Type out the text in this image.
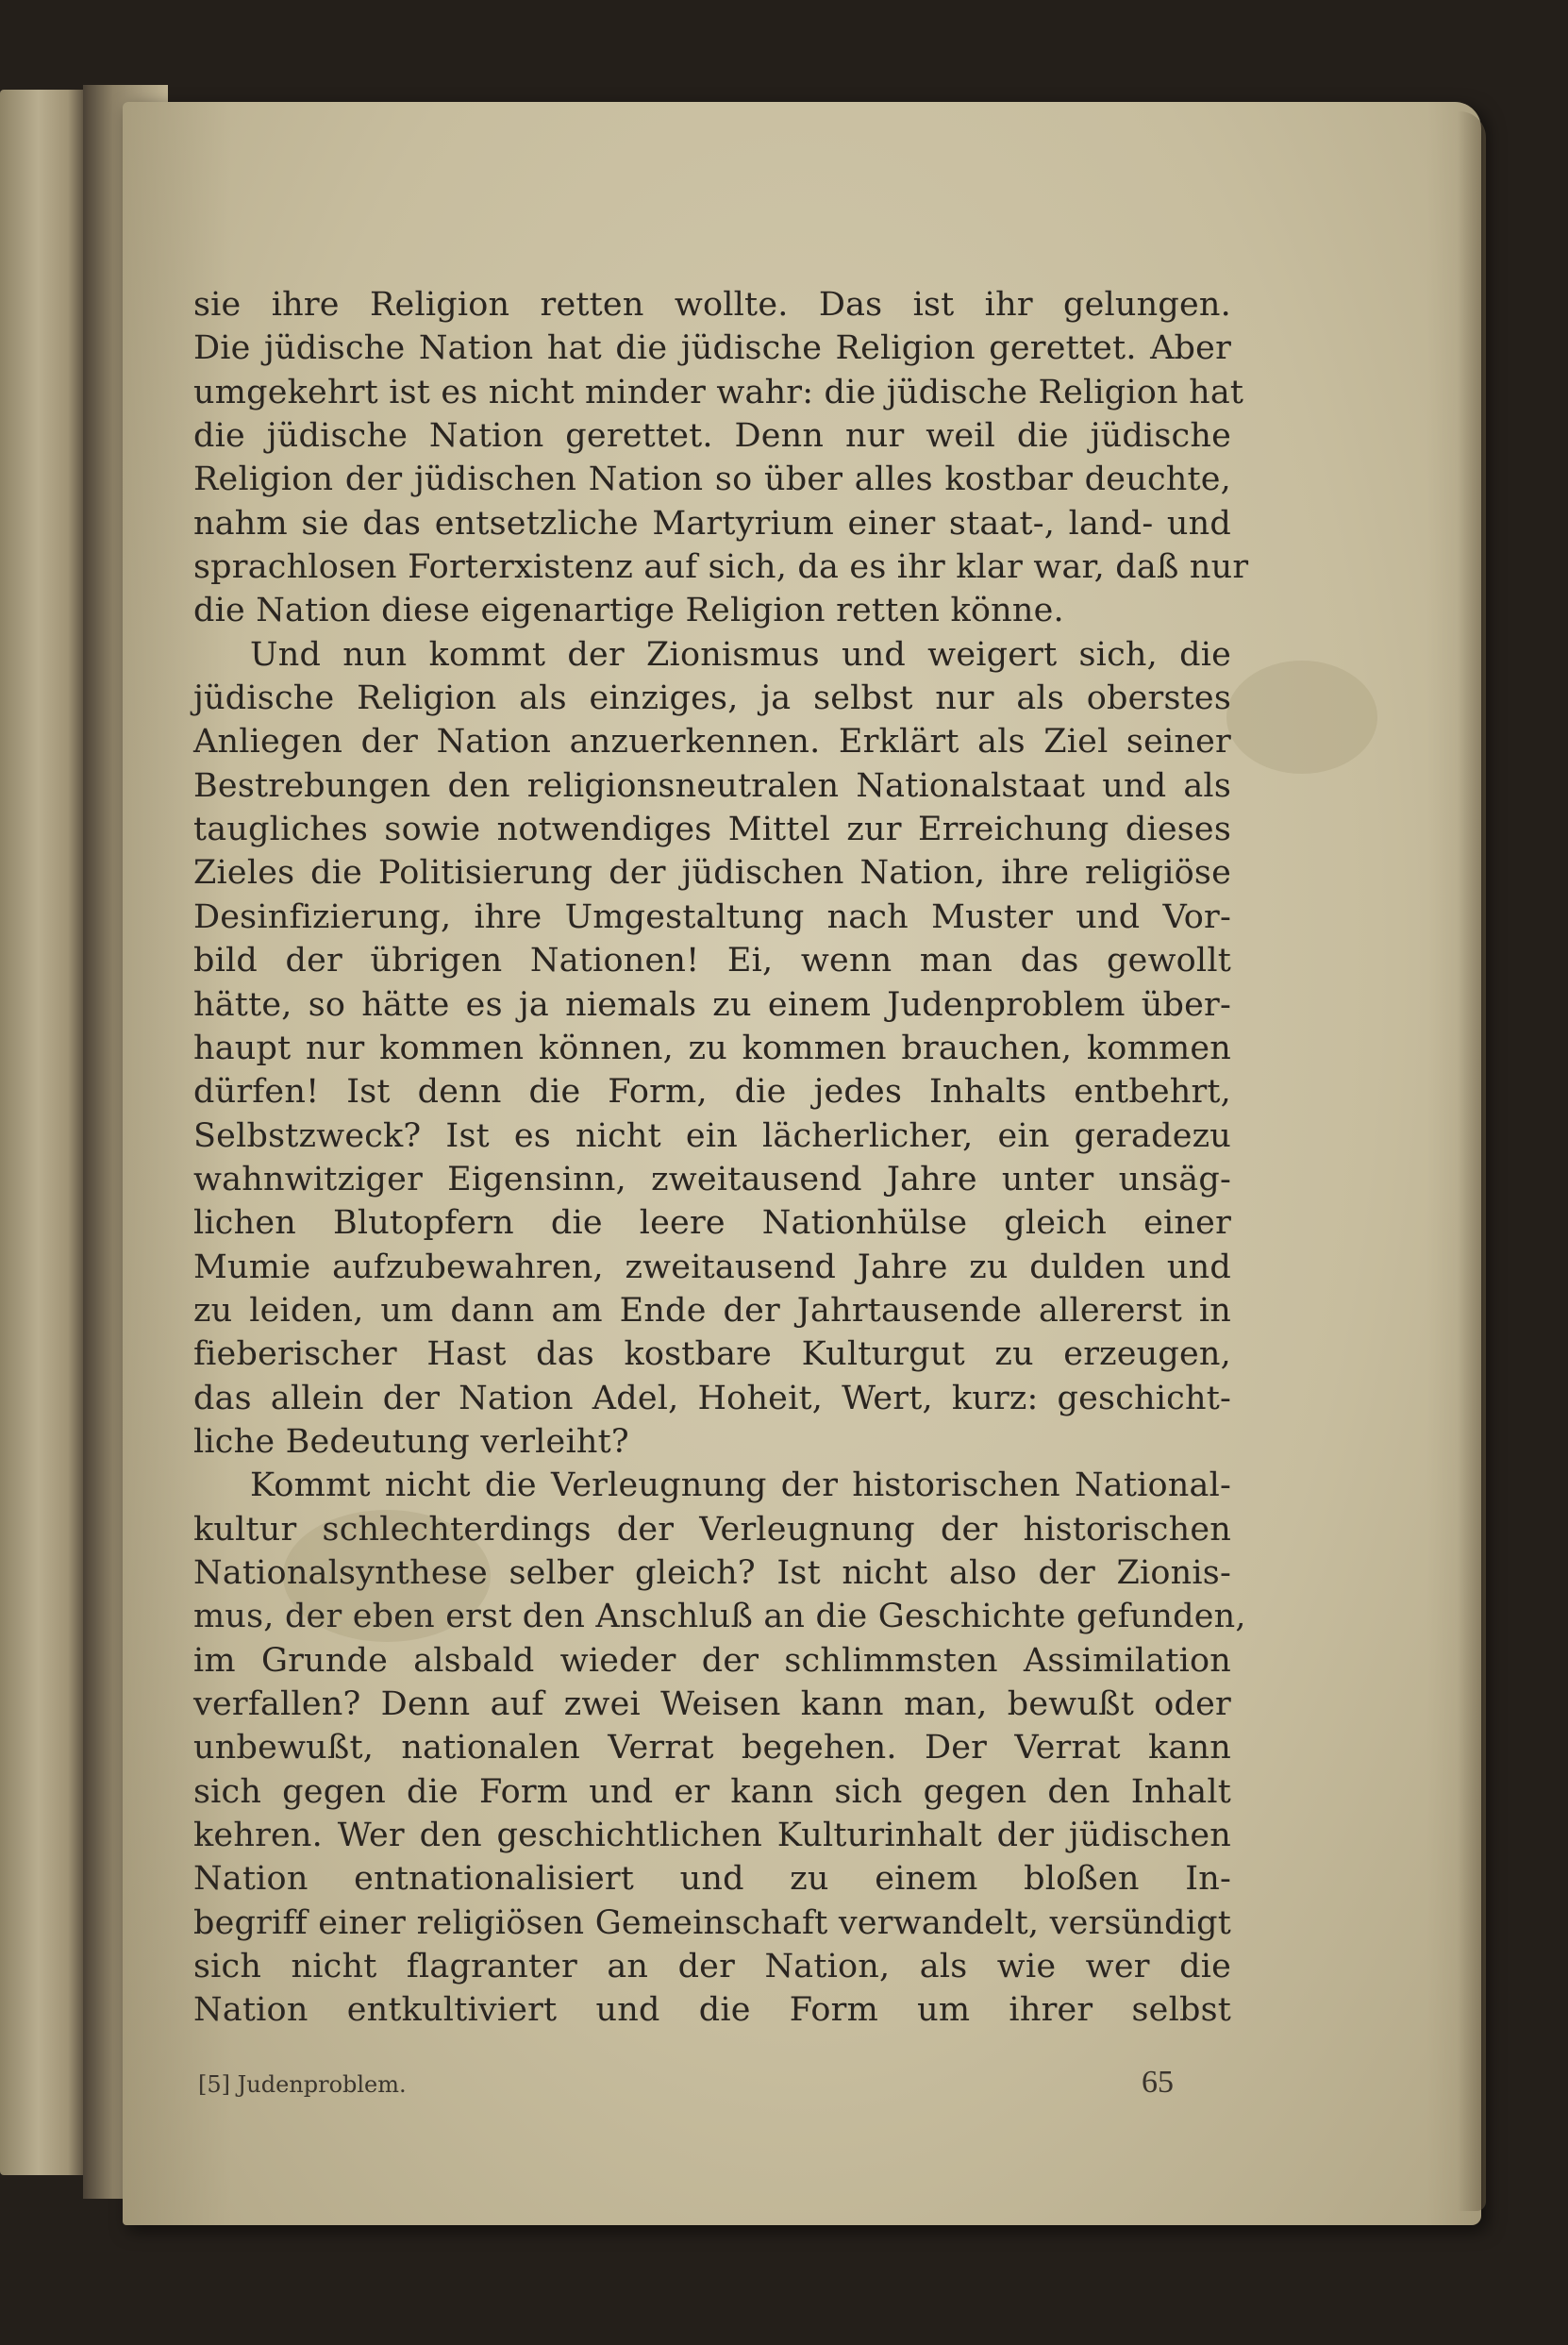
sie ihre Religion retten wollte. Das ist ihr gelungen.
Die jüdische Nation hat die jüdische Religion gerettet. Aber
umgekehrt ist es nicht minder wahr: die jüdische Religion hat
die jüdische Nation gerettet. Denn nur weil die jüdische
Religion der jüdischen Nation so über alles kostbar deuchte,
nahm sie das entsetzliche Martyrium einer staat-, land- und
sprachlosen Forterxistenz auf sich, da es ihr klar war, daß nur
die Nation diese eigenartige Religion retten könne.
Und nun kommt der Zionismus und weigert sich, die
jüdische Religion als einziges, ja selbst nur als oberstes
Anliegen der Nation anzuerkennen. Erklärt als Ziel seiner
Bestrebungen den religionsneutralen Nationalstaat und als
taugliches sowie notwendiges Mittel zur Erreichung dieses
Zieles die Politisierung der jüdischen Nation, ihre religiöse
Desinfizierung, ihre Umgestaltung nach Muster und Vor-
bild der übrigen Nationen! Ei, wenn man das gewollt
hätte, so hätte es ja niemals zu einem Judenproblem über-
haupt nur kommen können, zu kommen brauchen, kommen
dürfen! Ist denn die Form, die jedes Inhalts entbehrt,
Selbstzweck? Ist es nicht ein lächerlicher, ein geradezu
wahnwitziger Eigensinn, zweitausend Jahre unter unsäg-
lichen Blutopfern die leere Nationhülse gleich einer
Mumie aufzubewahren, zweitausend Jahre zu dulden und
zu leiden, um dann am Ende der Jahrtausende allererst in
fieberischer Hast das kostbare Kulturgut zu erzeugen,
das allein der Nation Adel, Hoheit, Wert, kurz: geschicht-
liche Bedeutung verleiht?
Kommt nicht die Verleugnung der historischen National-
kultur schlechterdings der Verleugnung der historischen
Nationalsynthese selber gleich? Ist nicht also der Zionis-
mus, der eben erst den Anschluß an die Geschichte gefunden,
im Grunde alsbald wieder der schlimmsten Assimilation
verfallen? Denn auf zwei Weisen kann man, bewußt oder
unbewußt, nationalen Verrat begehen. Der Verrat kann
sich gegen die Form und er kann sich gegen den Inhalt
kehren. Wer den geschichtlichen Kulturinhalt der jüdischen
Nation entnationalisiert und zu einem bloßen In-
begriff einer religiösen Gemeinschaft verwandelt, versündigt
sich nicht flagranter an der Nation, als wie wer die
Nation entkultiviert und die Form um ihrer selbst
[5] Judenproblem.	65
